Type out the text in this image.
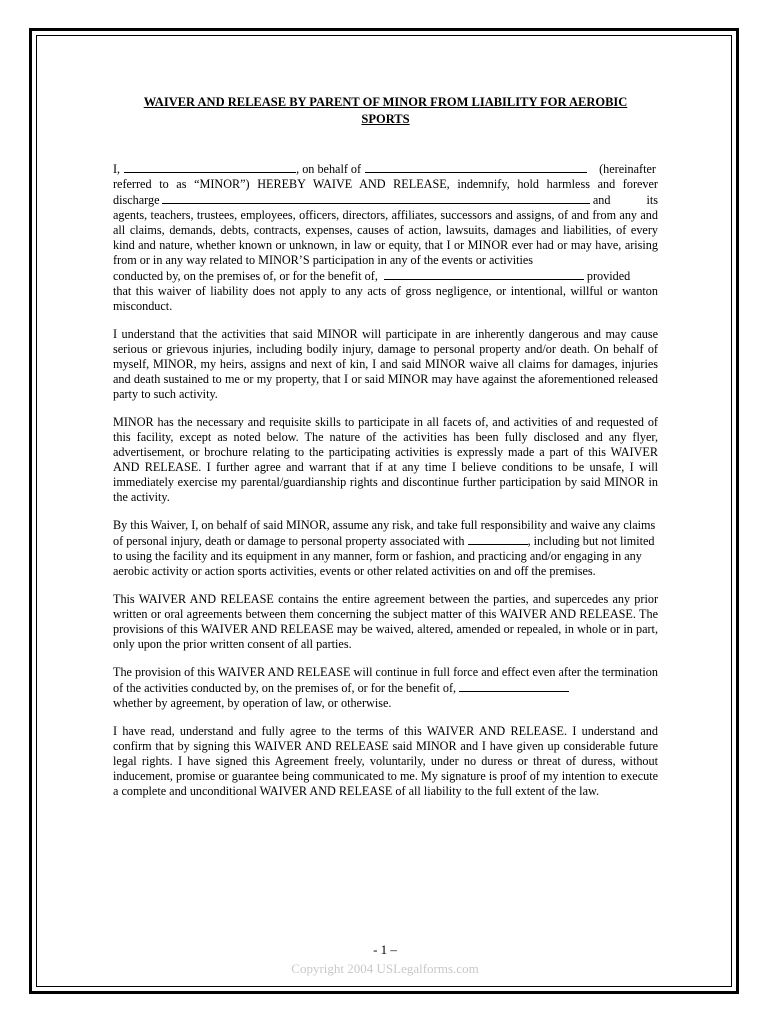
WAIVER AND RELEASE BY PARENT OF MINOR FROM LIABILITY FOR AEROBIC
SPORTS

I,	, on behalf of	(hereinafter
referred to as “MINOR”) HEREBY WAIVE AND RELEASE, indemnify, hold harmless and forever
discharge	and	its
agents, teachers, trustees, employees, officers, directors, affiliates, successors and assigns, of and from any and all claims, demands, debts, contracts, expenses, causes of action, lawsuits, damages and liabilities, of every kind and nature, whether known or unknown, in law or equity, that I or MINOR ever had or may have, arising from or in any way related to MINOR’S participation in any of the events or activities
conducted by, on the premises of, or for the benefit of,	provided
that this waiver of liability does not apply to any acts of gross negligence, or intentional, willful or wanton misconduct.

I understand that the activities that said MINOR will participate in are inherently dangerous and may cause serious or grievous injuries, including bodily injury, damage to personal property and/or death. On behalf of myself, MINOR, my heirs, assigns and next of kin, I and said MINOR waive all claims for damages, injuries and death sustained to me or my property, that I or said MINOR may have against the aforementioned released party to such activity.

MINOR has the necessary and requisite skills to participate in all facets of, and activities of and requested of this facility, except as noted below. The nature of the activities has been fully disclosed and any flyer, advertisement, or brochure relating to the participating activities is expressly made a part of this WAIVER AND RELEASE. I further agree and warrant that if at any time I believe conditions to be unsafe, I will immediately exercise my parental/guardianship rights and discontinue further participation by said MINOR in the activity.

By this Waiver, I, on behalf of said MINOR, assume any risk, and take full responsibility and waive any claims of personal injury, death or damage to personal property associated with	, including but not limited to using the facility and its equipment in any manner, form or fashion, and practicing and/or engaging in any aerobic activity or action sports activities, events or other related activities on and off the premises.

This WAIVER AND RELEASE contains the entire agreement between the parties, and supercedes any prior written or oral agreements between them concerning the subject matter of this WAIVER AND RELEASE. The provisions of this WAIVER AND RELEASE may be waived, altered, amended or repealed, in whole or in part, only upon the prior written consent of all parties.

The provision of this WAIVER AND RELEASE will continue in full force and effect even after the termination of the activities conducted by, on the premises of, or for the benefit of,
whether by agreement, by operation of law, or otherwise.

I have read, understand and fully agree to the terms of this WAIVER AND RELEASE. I understand and confirm that by signing this WAIVER AND RELEASE said MINOR and I have given up considerable future legal rights. I have signed this Agreement freely, voluntarily, under no duress or threat of duress, without inducement, promise or guarantee being communicated to me. My signature is proof of my intention to execute a complete and unconditional WAIVER AND RELEASE of all liability to the full extent of the law.

- 1 –
Copyright 2004 USLegalforms.com
